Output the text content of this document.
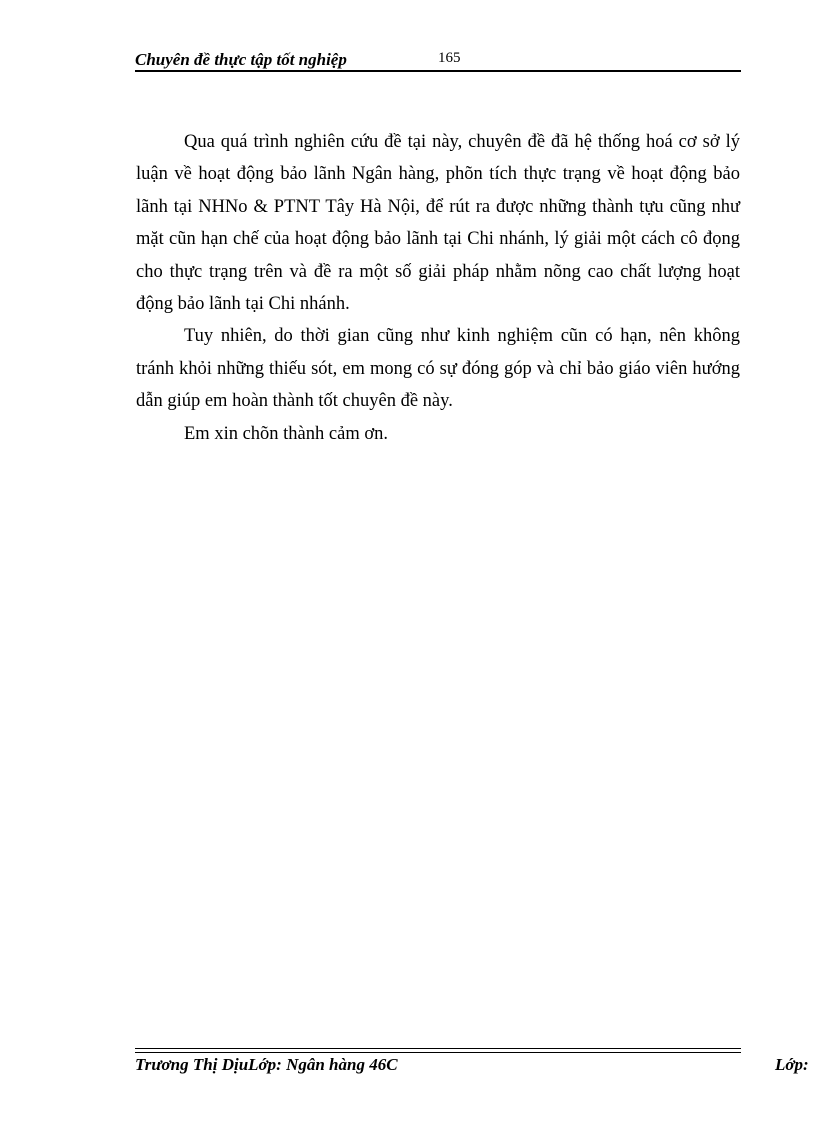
Chuyên đề thực tập tốt nghiệp	165

Qua quá trình nghiên cứu đề tại này, chuyên đề đã hệ thống hoá cơ sở lý luận về hoạt động bảo lãnh Ngân hàng, phõn tích thực trạng về hoạt động bảo lãnh tại NHNo & PTNT Tây Hà Nội, để rút ra được những thành tựu cũng như mặt cũn hạn chế của hoạt động bảo lãnh tại Chi nhánh, lý giải một cách cô đọng cho thực trạng trên và đề ra một số giải pháp nhằm nõng cao chất lượng hoạt động bảo lãnh tại Chi nhánh.

Tuy nhiên, do thời gian cũng như kinh nghiệm cũn có hạn, nên không tránh khỏi những thiếu sót, em mong có sự đóng góp và chỉ bảo giáo viên hướng dẫn giúp em hoàn thành tốt chuyên đề này.

Em xin chõn thành cảm ơn.

Trương Thị DịuLớp: Ngân hàng 46C	Lớp:
